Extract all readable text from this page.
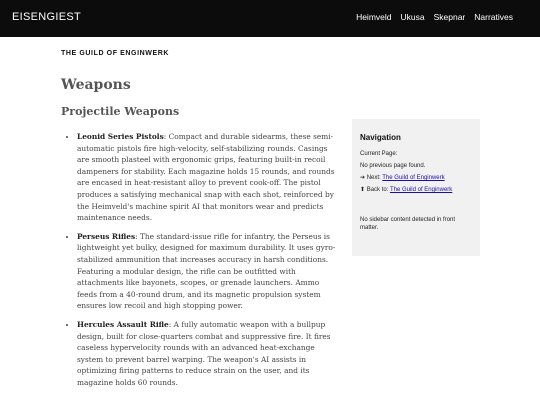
EISENGIEST	Heimveld Ukusa Skepnar Narratives
THE GUILD OF ENGINWERK
Weapons
Projectile Weapons
• Leonid Series Pistols: Compact and durable sidearms, these semi-automatic pistols fire high-velocity, self-stabilizing rounds. Casings are smooth plasteel with ergonomic grips, featuring built-in recoil dampeners for stability. Each magazine holds 15 rounds, and rounds are encased in heat-resistant alloy to prevent cook-off. The pistol produces a satisfying mechanical snap with each shot, reinforced by the Heimveld's machine spirit AI that monitors wear and predicts maintenance needs.
• Perseus Rifles: The standard-issue rifle for infantry, the Perseus is lightweight yet bulky, designed for maximum durability. It uses gyro-stabilized ammunition that increases accuracy in harsh conditions. Featuring a modular design, the rifle can be outfitted with attachments like bayonets, scopes, or grenade launchers. Ammo feeds from a 40-round drum, and its magnetic propulsion system ensures low recoil and high stopping power.
• Hercules Assault Rifle: A fully automatic weapon with a bullpup design, built for close-quarters combat and suppressive fire. It fires caseless hypervelocity rounds with an advanced heat-exchange system to prevent barrel warping. The weapon's AI assists in optimizing firing patterns to reduce strain on the user, and its magazine holds 60 rounds.
Navigation

Current Page:

No previous page found.

➔ Next: The Guild of Enginwerk

⬆ Back to: The Guild of Enginwerk

No sidebar content detected in front matter.
